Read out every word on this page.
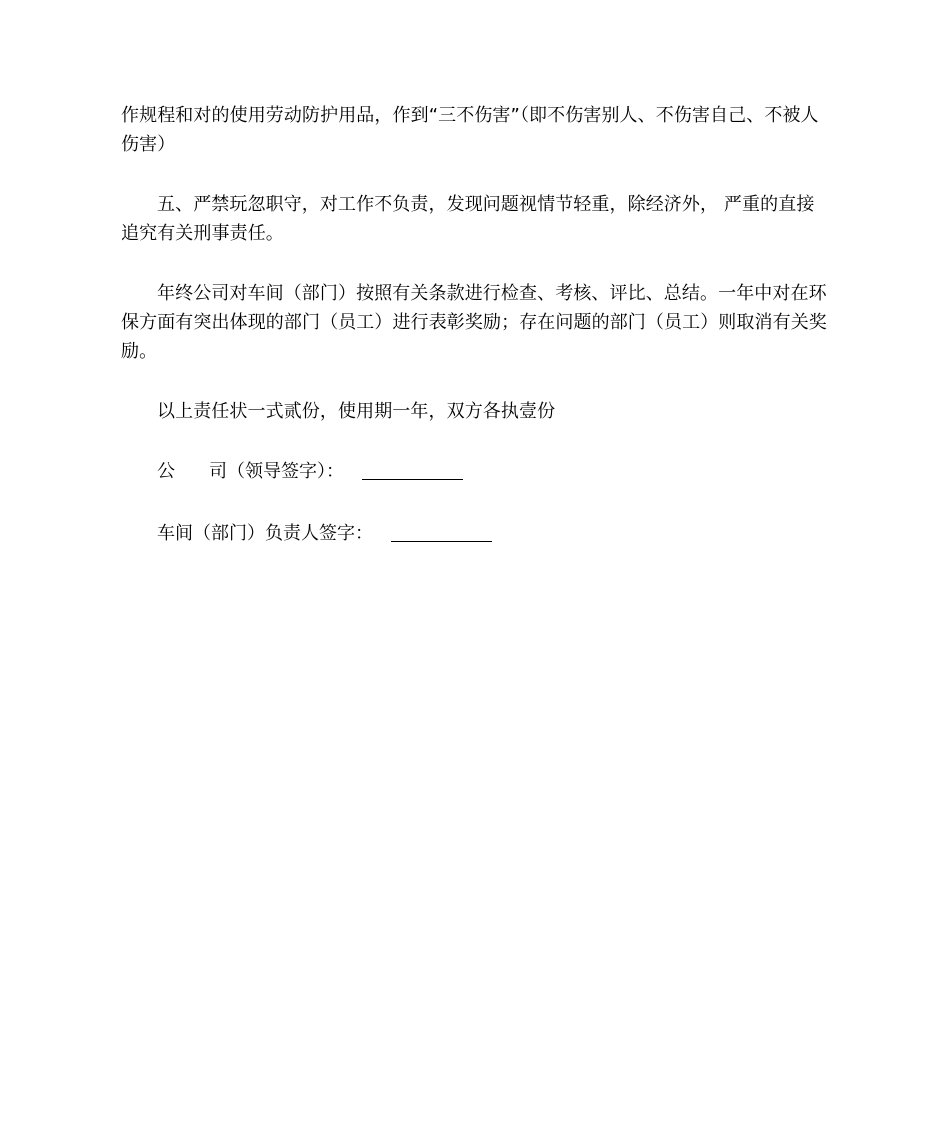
作规程和对的使用劳动防护用品，作到“三不伤害”（即不伤害别人、不伤害自己、不被人伤害）

五、严禁玩忽职守，对工作不负责，发现问题视情节轻重，除经济外， 严重的直接追究有关刑事责任。

年终公司对车间（部门）按照有关条款进行检查、考核、评比、总结。一年中对在环保方面有突出体现的部门（员工）进行表彰奖励；存在问题的部门（员工）则取消有关奖励。

以上责任状一式贰份，使用期一年，双方各执壹份

公 司（领导签字）：
车间（部门）负责人签字：
